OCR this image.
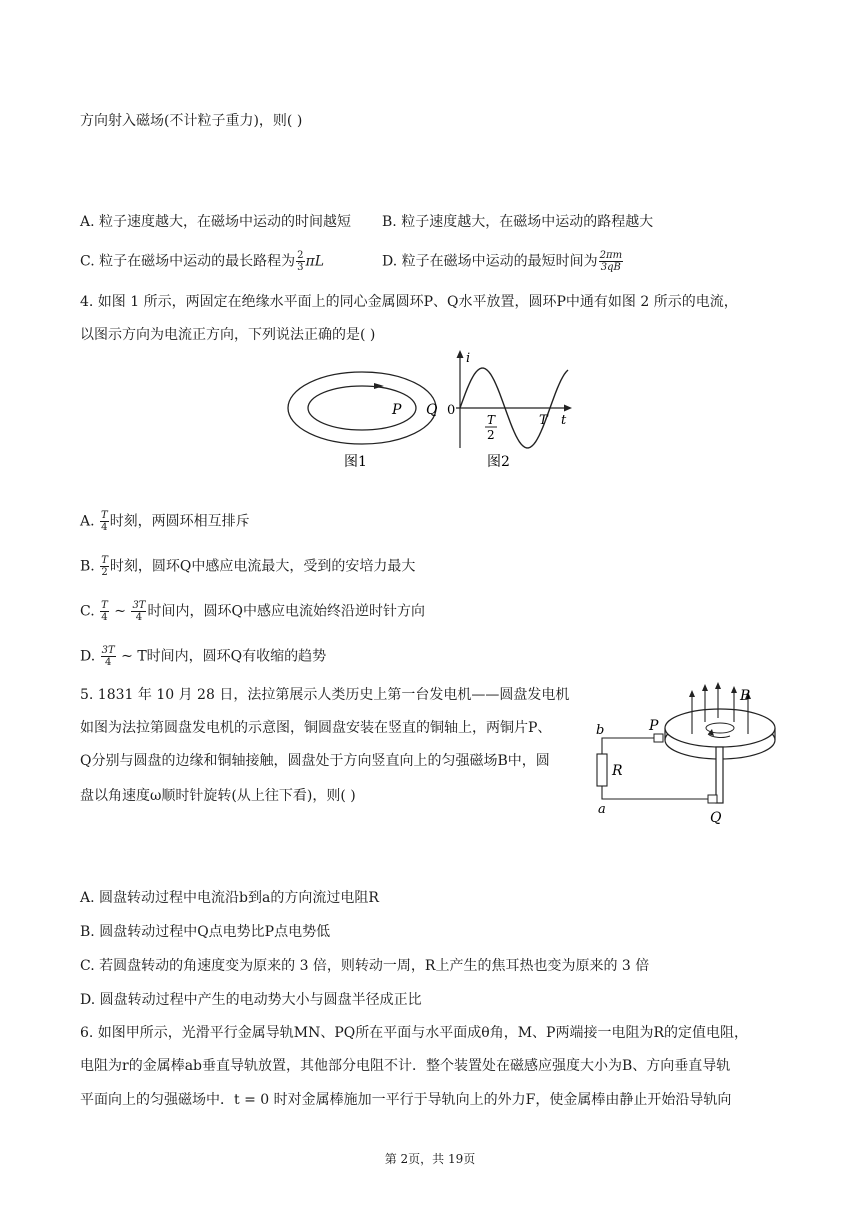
方向射入磁场(不计粒子重力)，则( )
A. 粒子速度越大，在磁场中运动的时间越短 B. 粒子速度越大，在磁场中运动的路程越大
C. 粒子在磁场中运动的最长路程为 $\frac{2}{3}$ πL	D. 粒子在磁场中运动的最短时间为 $\frac{2\pi m}{3qB}$
4. 如图 1 所示，两固定在绝缘水平面上的同心金属圆环P、Q水平放置，圆环P中通有如图 2 所示的电流，
以图示方向为电流正方向，下列说法正确的是( )
P Q
图1
i
0
T
2
T t
图2
A. $\frac{T}{4}$ 时刻，两圆环相互排斥
B. $\frac{T}{2}$ 时刻，圆环Q中感应电流最大，受到的安培力最大
C. $\frac{T}{4}$ ~ $\frac{3T}{4}$ 时间内，圆环Q中感应电流始终沿逆时针方向
D. $\frac{3T}{4}$ ~ T时间内，圆环Q有收缩的趋势
5. 1831 年 10 月 28 日，法拉第展示人类历史上第一台发电机——圆盘发电机
如图为法拉第圆盘发电机的示意图，铜圆盘安装在竖直的铜轴上，两铜片P、
Q分别与圆盘的边缘和铜轴接触，圆盘处于方向竖直向上的匀强磁场B中，圆
盘以角速度ω顺时针旋转(从上往下看)，则( )
B
P
b
R
a
Q
A. 圆盘转动过程中电流沿b到a的方向流过电阻R
B. 圆盘转动过程中Q点电势比P点电势低
C. 若圆盘转动的角速度变为原来的 3 倍，则转动一周，R上产生的焦耳热也变为原来的 3 倍
D. 圆盘转动过程中产生的电动势大小与圆盘半径成正比
6. 如图甲所示，光滑平行金属导轨MN、PQ所在平面与水平面成θ角，M、P两端接一电阻为R的定值电阻，
电阻为r的金属棒ab垂直导轨放置，其他部分电阻不计．整个装置处在磁感应强度大小为B、方向垂直导轨
平面向上的匀强磁场中．t = 0 时对金属棒施加一平行于导轨向上的外力F，使金属棒由静止开始沿导轨向
第 2页，共 19页
